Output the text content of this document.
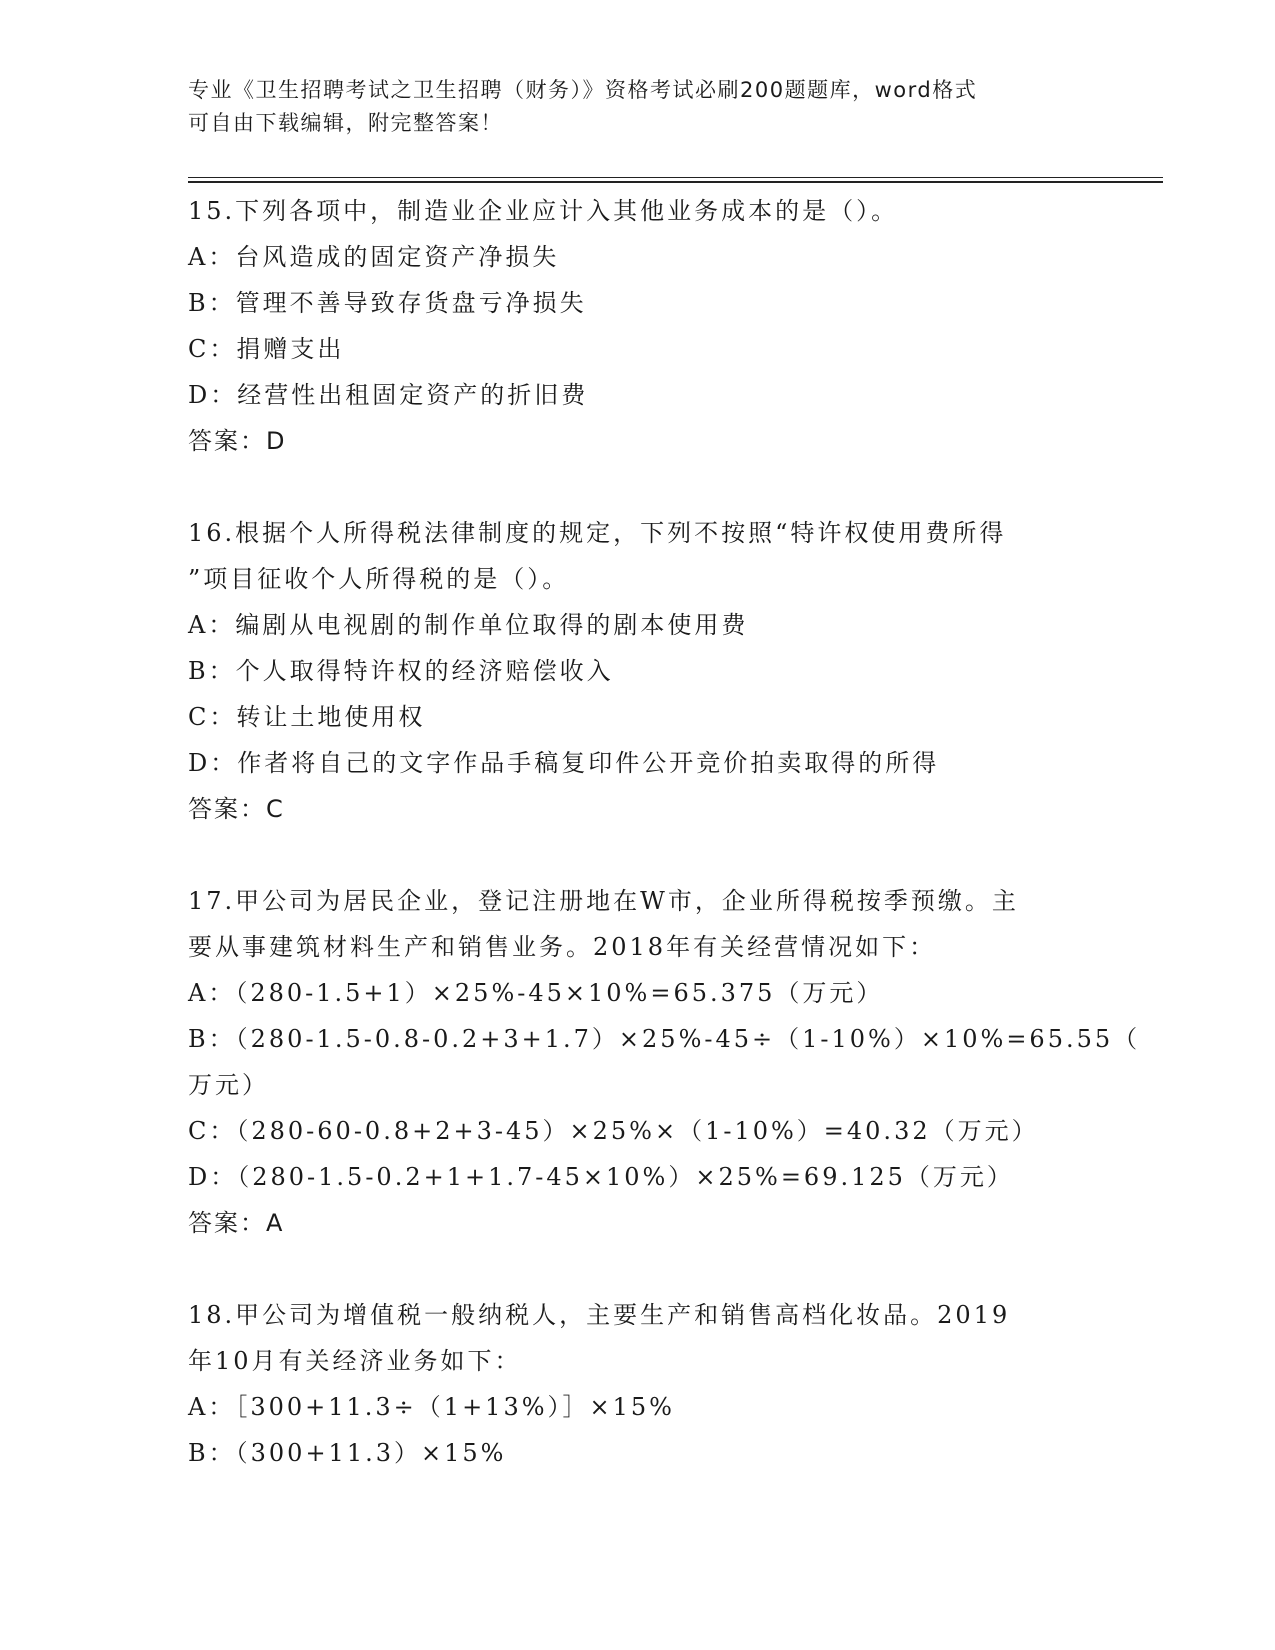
专业《卫生招聘考试之卫生招聘（财务）》资格考试必刷200题题库，word格式
可自由下载编辑，附完整答案！
15.下列各项中，制造业企业应计入其他业务成本的是（）。
A：台风造成的固定资产净损失
B：管理不善导致存货盘亏净损失
C：捐赠支出
D：经营性出租固定资产的折旧费
答案：D
16.根据个人所得税法律制度的规定，下列不按照“特许权使用费所得
”项目征收个人所得税的是（）。
A：编剧从电视剧的制作单位取得的剧本使用费
B：个人取得特许权的经济赔偿收入
C：转让土地使用权
D：作者将自己的文字作品手稿复印件公开竞价拍卖取得的所得
答案：C
17.甲公司为居民企业，登记注册地在W市，企业所得税按季预缴。主
要从事建筑材料生产和销售业务。2018年有关经营情况如下：
A：（280-1.5+1）×25%-45×10%=65.375（万元）
B：（280-1.5-0.8-0.2+3+1.7）×25%-45÷（1-10%）×10%=65.55（
万元）
C：（280-60-0.8+2+3-45）×25%×（1-10%）=40.32（万元）
D：（280-1.5-0.2+1+1.7-45×10%）×25%=69.125（万元）
答案：A
18.甲公司为增值税一般纳税人，主要生产和销售高档化妆品。2019
年10月有关经济业务如下：
A：［300+11.3÷（1+13%）］×15%
B：（300+11.3）×15%
